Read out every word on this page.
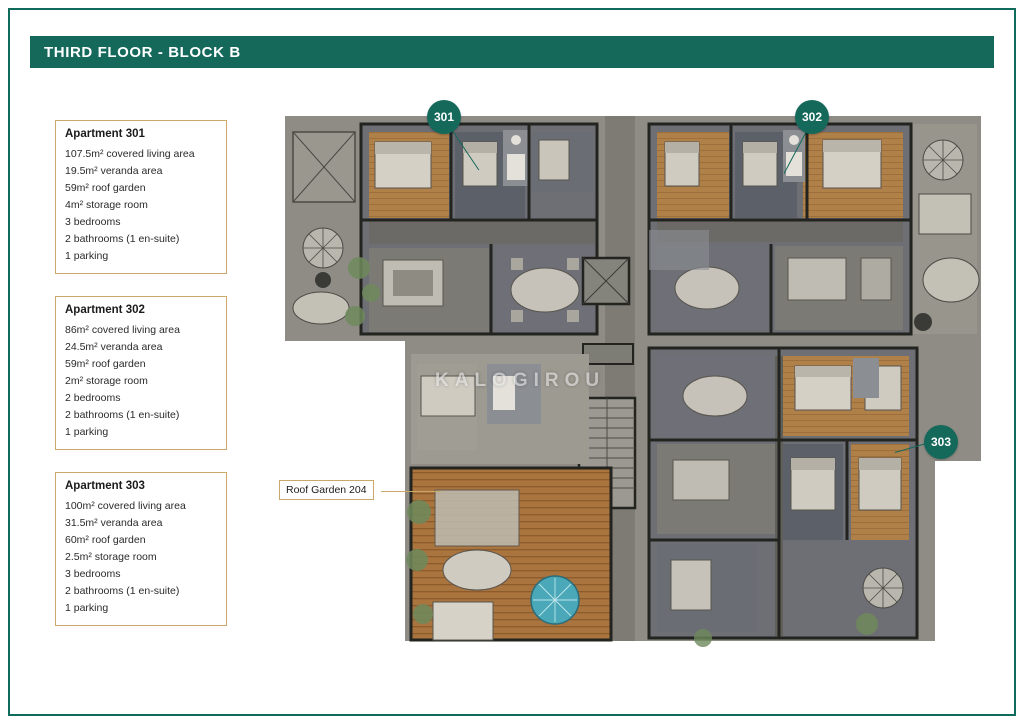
THIRD FLOOR - BLOCK B
Apartment 301
107.5m² covered living area
19.5m² veranda area
59m² roof garden
4m² storage room
3 bedrooms
2 bathrooms (1 en-suite)
1 parking
Apartment 302
86m² covered living area
24.5m² veranda area
59m² roof garden
2m² storage room
2 bedrooms
2 bathrooms (1 en-suite)
1 parking
Apartment 303
100m² covered living area
31.5m² veranda area
60m² roof garden
2.5m² storage room
3 bedrooms
2 bathrooms (1 en-suite)
1 parking
KALOGIROU
301	302
303
Roof Garden 204
